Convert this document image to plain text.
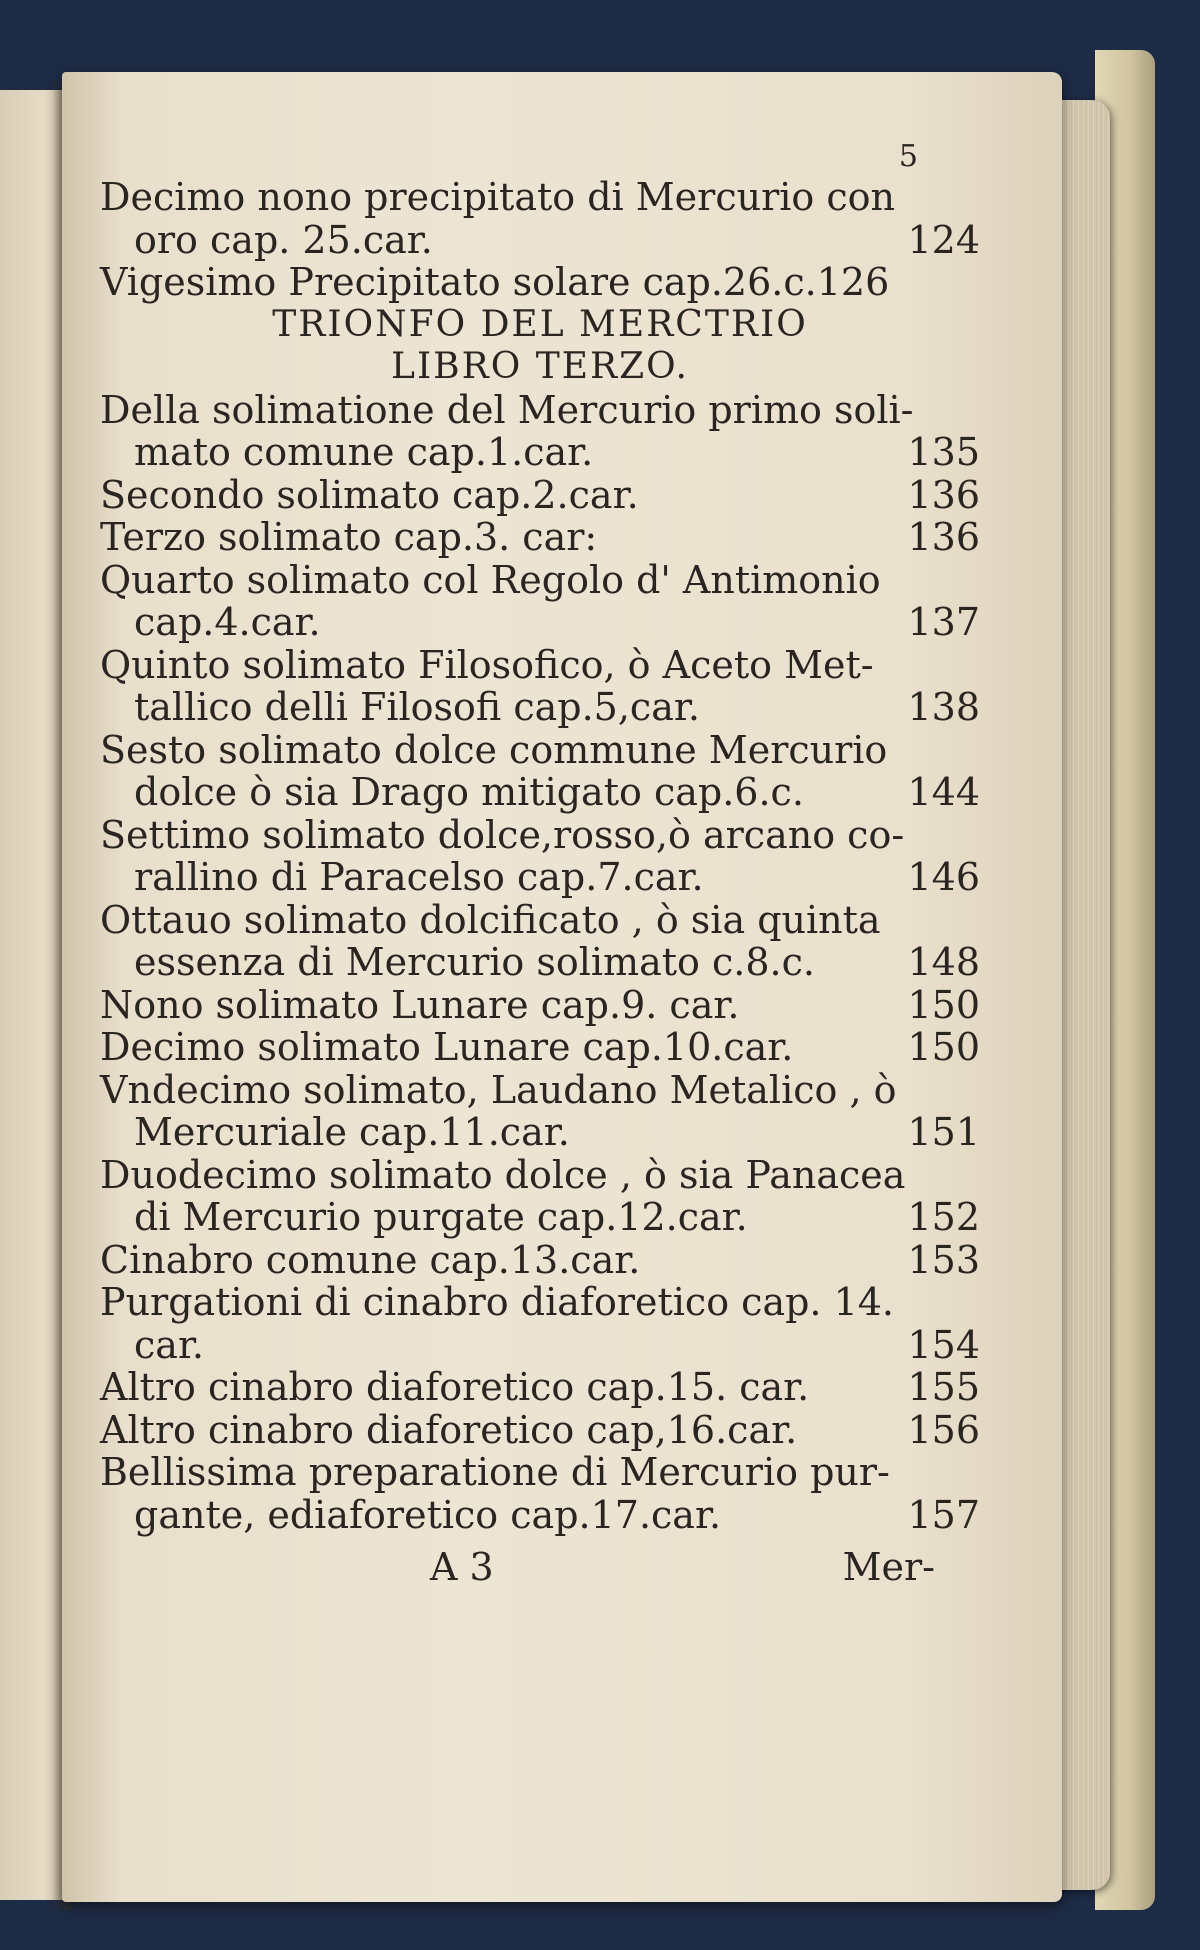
5
Decimo nono precipitato di Mercurio con
oro cap. 25.car.	124
Vigesimo Precipitato solare cap.26.c.126
TRIONFO DEL MERCTRIO
LIBRO TERZO.
Della solimatione del Mercurio primo soli-
mato comune cap.1.car.	135
Secondo solimato cap.2.car.	136
Terzo solimato cap.3. car:	136
Quarto solimato col Regolo d' Antimonio
cap.4.car.	137
Quinto solimato Filosofico, ò Aceto Met-
tallico delli Filosofi cap.5,car.	138
Sesto solimato dolce commune Mercurio
dolce ò sia Drago mitigato cap.6.c.	144
Settimo solimato dolce,rosso,ò arcano co-
rallino di Paracelso cap.7.car.	146
Ottauo solimato dolcificato , ò sia quinta
essenza di Mercurio solimato c.8.c. 148
Nono solimato Lunare cap.9. car.	150
Decimo solimato Lunare cap.10.car.	150
Vndecimo solimato, Laudano Metalico , ò
Mercuriale cap.11.car.	151
Duodecimo solimato dolce , ò sia Panacea
di Mercurio purgate cap.12.car.	152
Cinabro comune cap.13.car.	153
Purgationi di cinabro diaforetico cap. 14.
car.	154
Altro cinabro diaforetico cap.15. car.	155
Altro cinabro diaforetico cap,16.car.	156
Bellissima preparatione di Mercurio pur-
gante, ediaforetico cap.17.car.	157
A 3	Mer-
